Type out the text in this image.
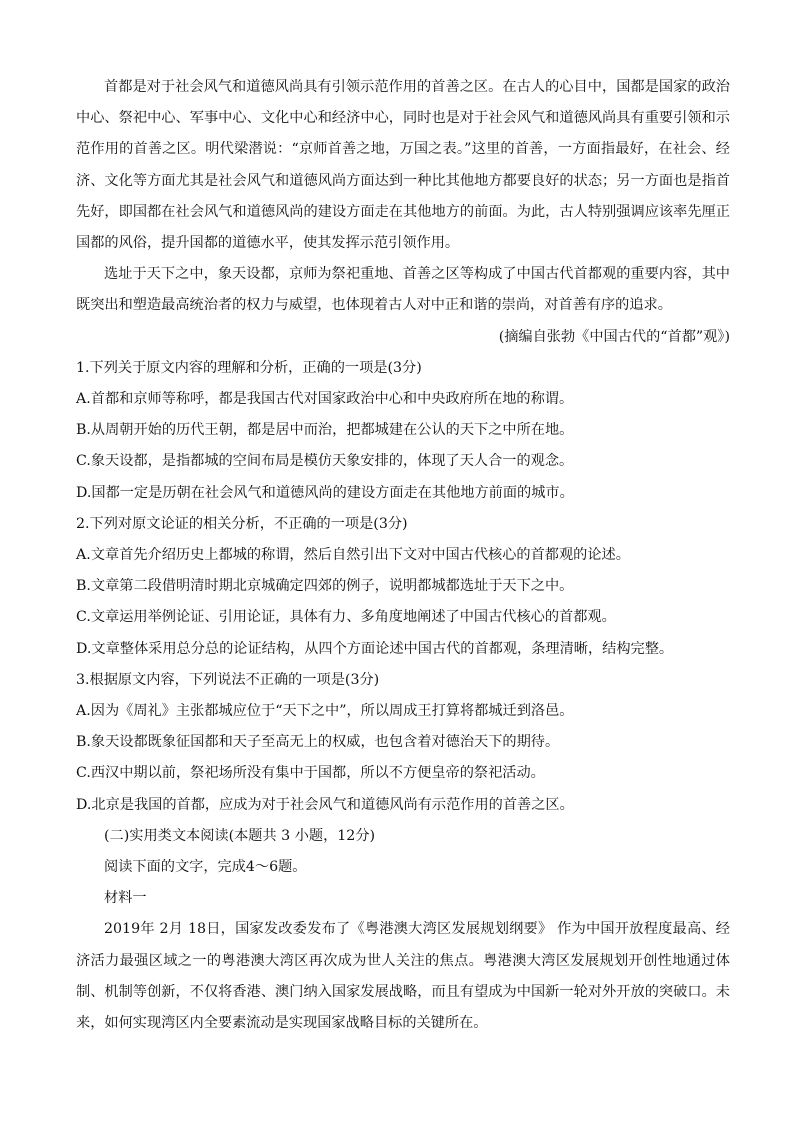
首都是对于社会风气和道德风尚具有引领示范作用的首善之区。在古人的心目中，国都是国家的政治中心、祭祀中心、军事中心、文化中心和经济中心，同时也是对于社会风气和道德风尚具有重要引领和示范作用的首善之区。明代梁潜说：“京师首善之地，万国之表。”这里的首善，一方面指最好，在社会、经济、文化等方面尤其是社会风气和道德风尚方面达到一种比其他地方都要良好的状态；另一方面也是指首先好，即国都在社会风气和道德风尚的建设方面走在其他地方的前面。为此，古人特别强调应该率先厘正国都的风俗，提升国都的道德水平，使其发挥示范引领作用。

选址于天下之中，象天设都，京师为祭祀重地、首善之区等构成了中国古代首都观的重要内容，其中既突出和塑造最高统治者的权力与威望，也体现着古人对中正和谐的崇尚，对首善有序的追求。

(摘编自张勃《中国古代的“首都”观》)

1.下列关于原文内容的理解和分析，正确的一项是(3分)

A.首都和京师等称呼，都是我国古代对国家政治中心和中央政府所在地的称谓。

B.从周朝开始的历代王朝，都是居中而治，把都城建在公认的天下之中所在地。

C.象天设都，是指都城的空间布局是模仿天象安排的，体现了天人合一的观念。

D.国都一定是历朝在社会风气和道德风尚的建设方面走在其他地方前面的城市。

2.下列对原文论证的相关分析，不正确的一项是(3分)

A.文章首先介绍历史上都城的称谓，然后自然引出下文对中国古代核心的首都观的论述。

B.文章第二段借明清时期北京城确定四郊的例子，说明都城都选址于天下之中。

C.文章运用举例论证、引用论证，具体有力、多角度地阐述了中国古代核心的首都观。

D.文章整体采用总分总的论证结构，从四个方面论述中国古代的首都观，条理清晰，结构完整。

3.根据原文内容，下列说法不正确的一项是(3分)

A.因为《周礼》主张都城应位于“天下之中”，所以周成王打算将都城迁到洛邑。

B.象天设都既象征国都和天子至高无上的权威，也包含着对德治天下的期待。

C.西汉中期以前，祭祀场所没有集中于国都，所以不方便皇帝的祭祀活动。

D.北京是我国的首都，应成为对于社会风气和道德风尚有示范作用的首善之区。

(二)实用类文本阅读(本题共 3 小题，12分)

阅读下面的文字，完成4～6题。

材料一

2019年 2月 18日，国家发改委发布了《粤港澳大湾区发展规划纲要》 作为中国开放程度最高、经济活力最强区域之一的粤港澳大湾区再次成为世人关注的焦点。粤港澳大湾区发展规划开创性地通过体制、机制等创新，不仅将香港、澳门纳入国家发展战略，而且有望成为中国新一轮对外开放的突破口。未来，如何实现湾区内全要素流动是实现国家战略目标的关键所在。
